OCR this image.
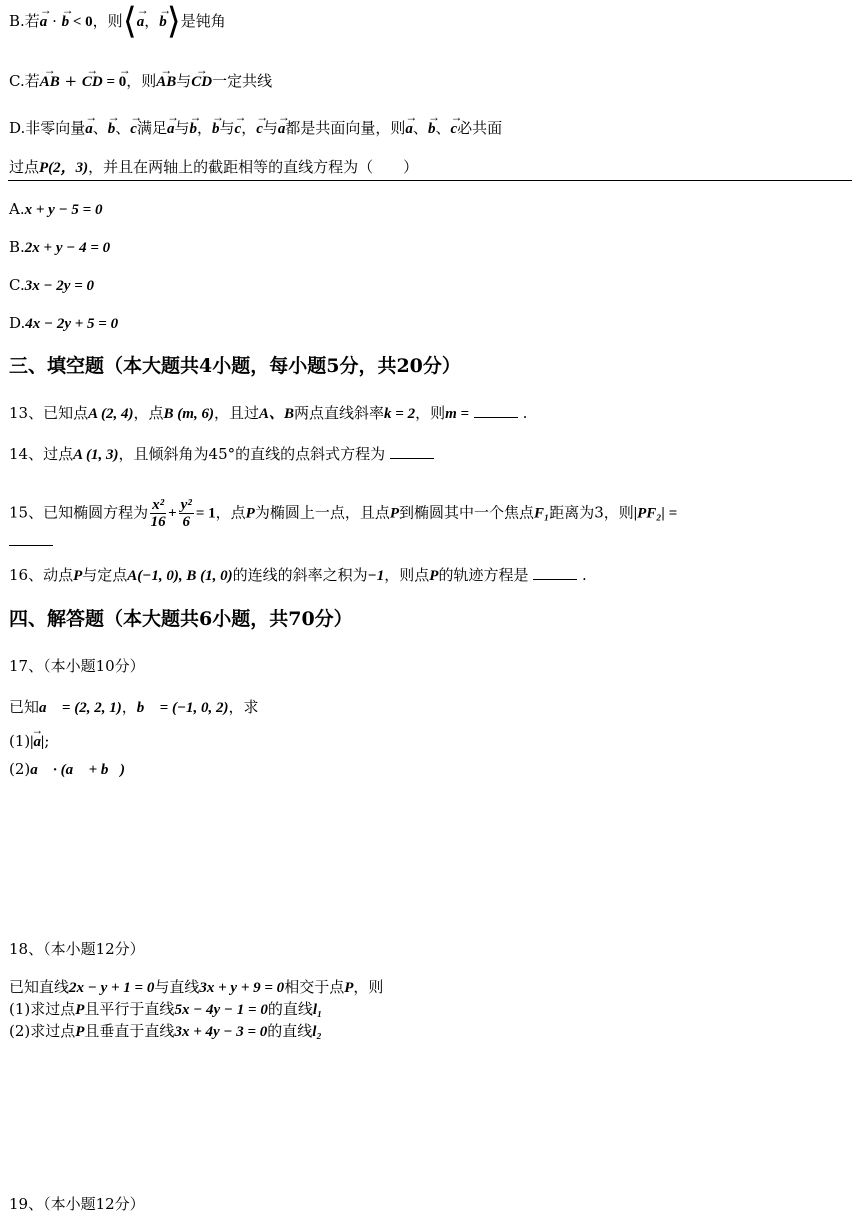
B.若→ a · → b < 0，则⟨→ a，→ b⟩是钝角
C.若→ AB + → CD = → 0，则→ AB与→ CD一定共线
D.非零向量→ a、→ b、→ c满足→ a与→ b，→ b与→ c，→ c与→ a都是共面向量，则→ a、→ b、→ c必共面
过点P(2，3)，并且在两轴上的截距相等的直线方程为（　　）
A.x + y − 5 = 0
B.2x + y − 4 = 0
C.3x − 2y = 0
D.4x − 2y + 5 = 0
三、填空题（本大题共4小题，每小题5分，共20分）
13、已知点A (2, 4)，点B (m, 6)，且过A、B两点直线斜率k = 2，则m =	.
14、过点A (1, 3)，且倾斜角为45°的直线的点斜式方程为
15、已知椭圆方程为 $\frac{\text{x²}}{16} + \frac{\text{y²}}{6} = 1$，点P为椭圆上一点，且点P到椭圆其中一个焦点F₁距离为3，则|PF₂| =
16、动点P与定点A(−1, 0), B (1, 0)的连线的斜率之积为−1，则点P的轨迹方程是	.
四、解答题（本大题共6小题，共70分）
17、（本小题10分）
已知a⃗ = (2, 2, 1)，b⃗ = (−1, 0, 2)，求
(1)→ |a|;
(2)a⃗ · (a⃗ + b⃗)
18、（本小题12分）
已知直线2x − y + 1 = 0与直线3x + y + 9 = 0相交于点P，则
(1)求过点P且平行于直线5x − 4y − 1 = 0的直线l₁
(2)求过点P且垂直于直线3x + 4y − 3 = 0的直线l₂
19、（本小题12分）
